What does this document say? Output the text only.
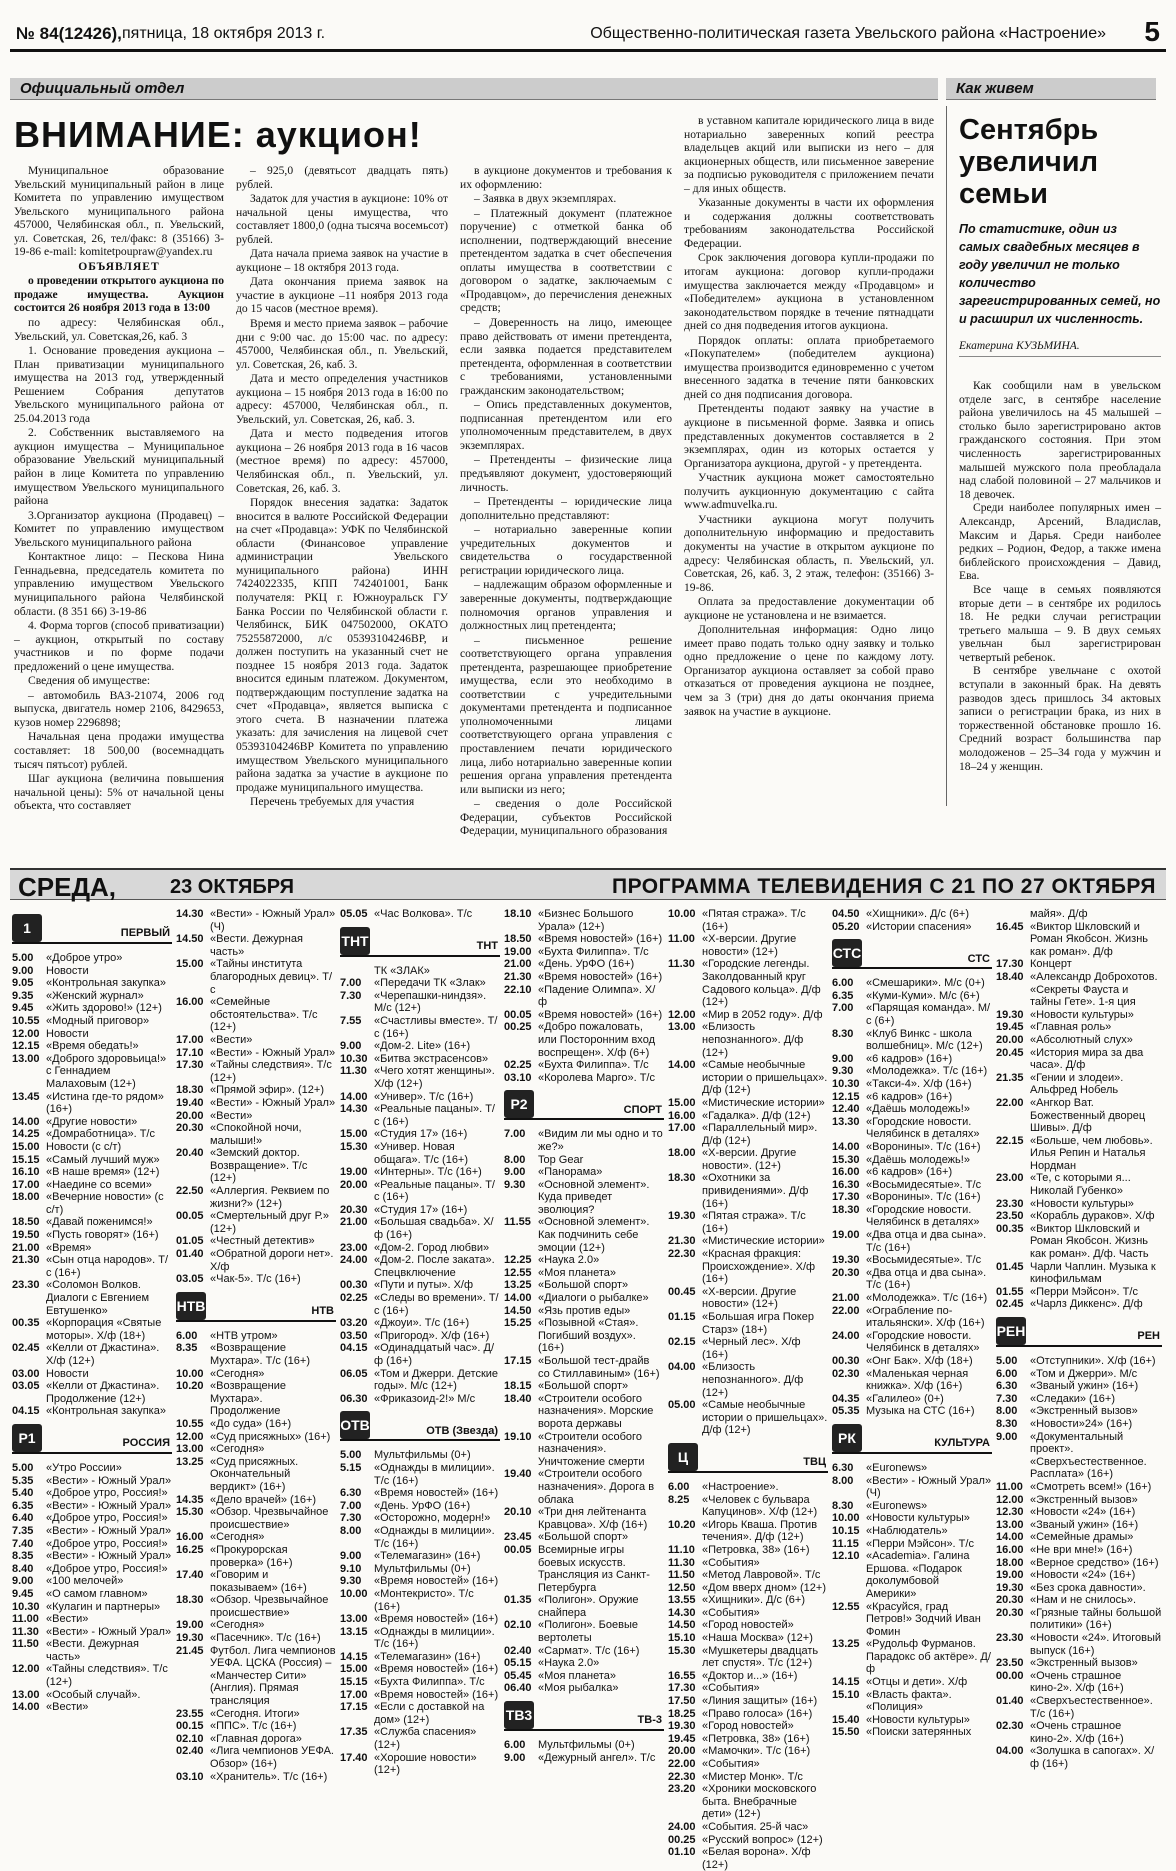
№ 84(12426), пятница, 18 октября 2013 г.	Общественно-политическая газета Увельского района «Настроение» 5
Официальный отдел	Как живем
ВНИМАНИЕ: аукцион!

Муниципальное образование Увельский муниципальный район в лице Комитета по управлению имуществом Увельского муниципального района 457000, Челябинская обл., п. Увельский, ул. Советская, 26, тел/факс: 8 (35166) 3-19-86 e-mail: komitetpoupraw@yandex.ru

ОБЪЯВЛЯЕТ

о проведении открытого аукциона по продаже имущества. Аукцион состоится 26 ноября 2013 года в 13:00

по адресу: Челябинская обл., Увельский, ул. Советская,26, каб. 3

1. Основание проведения аукциона – План приватизации муниципального имущества на 2013 год, утвержденный Решением Собрания депутатов Увельского муниципального района от 25.04.2013 года

2. Собственник выставляемого на аукцион имущества – Муниципальное образование Увельский муниципальный район в лице Комитета по управлению имуществом Увельского муниципального района

3.Организатор аукциона (Продавец) – Комитет по управлению имуществом Увельского муниципального района

Контактное лицо: – Пескова Нина Геннадьевна, председатель комитета по управлению имуществом Увельского муниципального района Челябинской области. (8 351 66) 3-19-86

4. Форма торгов (способ приватизации) – аукцион, открытый по составу участников и по форме подачи предложений о цене имущества.

Сведения об имуществе:

– автомобиль ВАЗ-21074, 2006 год выпуска, двигатель номер 2106, 8429653, кузов номер 2296898;

Начальная цена продажи имущества составляет: 18 500,00 (восемнадцать тысяч пятьсот) рублей.

Шаг аукциона (величина повышения начальной цены): 5% от начальной цены объекта, что составляет

– 925,0 (девятьсот двадцать пять) рублей.

Задаток для участия в аукционе: 10% от начальной цены имущества, что составляет 1800,0 (одна тысяча восемьсот) рублей.

Дата начала приема заявок на участие в аукционе – 18 октября 2013 года.

Дата окончания приема заявок на участие в аукционе –11 ноября 2013 года до 15 часов (местное время).

Время и место приема заявок – рабочие дни с 9:00 час. до 15:00 час. по адресу: 457000, Челябинская обл., п. Увельский, ул. Советская, 26, каб. 3.

Дата и место определения участников аукциона – 15 ноября 2013 года в 16:00 по адресу: 457000, Челябинская обл., п. Увельский, ул. Советская, 26, каб. 3.

Дата и место подведения итогов аукциона – 26 ноября 2013 года в 16 часов (местное время) по адресу: 457000, Челябинская обл., п. Увельский, ул. Советская, 26, каб. 3.

Порядок внесения задатка: Задаток вносится в валюте Российской Федерации на счет «Продавца»: УФК по Челябинской области (Финансовое управление администрации Увельского муниципального района) ИНН 7424022335, КПП 742401001, Банк получателя: РКЦ г. Южноуральск ГУ Банка России по Челябинской области г. Челябинск, БИК 047502000, ОКАТО 75255872000, л/с 05393104246ВР, и должен поступить на указанный счет не позднее 15 ноября 2013 года. Задаток вносится единым платежом. Документом, подтверждающим поступление задатка на счет «Продавца», является выписка с этого счета. В назначении платежа указать: для зачисления на лицевой счет 05393104246ВР Комитета по управлению имуществом Увельского муниципального района задатка за участие в аукционе по продаже муниципального имущества.

Перечень требуемых для участия

в аукционе документов и требования к их оформлению:

– Заявка в двух экземплярах.

– Платежный документ (платежное поручение) с отметкой банка об исполнении, подтверждающий внесение претендентом задатка в счет обеспечения оплаты имущества в соответствии с договором о задатке, заключаемым с «Продавцом», до перечисления денежных средств;

– Доверенность на лицо, имеющее право действовать от имени претендента, если заявка подается представителем претендента, оформленная в соответствии с требованиями, установленными гражданским законодательством;

– Опись представленных документов, подписанная претендентом или его уполномоченным представителем, в двух экземплярах.

– Претенденты – физические лица предъявляют документ, удостоверяющий личность.

– Претенденты – юридические лица дополнительно представляют:

– нотариально заверенные копии учредительных документов и свидетельства о государственной регистрации юридического лица.

– надлежащим образом оформленные и заверенные документы, подтверждающие полномочия органов управления и должностных лиц претендента;

– письменное решение соответствующего органа управления претендента, разрешающее приобретение имущества, если это необходимо в соответствии с учредительными документами претендента и подписанное уполномоченными лицами соответствующего органа управления с проставлением печати юридического лица, либо нотариально заверенные копии решения органа управления претендента или выписки из него;

– сведения о доле Российской Федерации, субъектов Российской Федерации, муниципального образования

в уставном капитале юридического лица в виде нотариально заверенных копий реестра владельцев акций или выписки из него – для акционерных обществ, или письменное заверение за подписью руководителя с приложением печати – для иных обществ.

Указанные документы в части их оформления и содержания должны соответствовать требованиям законодательства Российской Федерации.

Срок заключения договора купли-продажи по итогам аукциона: договор купли-продажи имущества заключается между «Продавцом» и «Победителем» аукциона в установленном законодательством порядке в течение пятнадцати дней со дня подведения итогов аукциона.

Порядок оплаты: оплата приобретаемого «Покупателем» (победителем аукциона) имущества производится единовременно с учетом внесенного задатка в течение пяти банковских дней со дня подписания договора.

Претенденты подают заявку на участие в аукционе в письменной форме. Заявка и опись представленных документов составляется в 2 экземплярах, один из которых остается у Организатора аукциона, другой - у претендента.

Участник аукциона может самостоятельно получить аукционную документацию с сайта www.admuvelka.ru.

Участники аукциона могут получить дополнительную информацию и предоставить документы на участие в открытом аукционе по адресу: Челябинская область, п. Увельский, ул. Советская, 26, каб. 3, 2 этаж, телефон: (35166) 3-19-86.

Оплата за предоставление документации об аукционе не установлена и не взимается.

Дополнительная информация: Одно лицо имеет право подать только одну заявку и только одно предложение о цене по каждому лоту. Организатор аукциона оставляет за собой право отказаться от проведения аукциона не позднее, чем за 3 (три) дня до даты окончания приема заявок на участие в аукционе.

Сентябрь увеличил семьи
По статистике, один из самых свадебных месяцев в году увеличил не только количество зарегистрированных семей, но и расширил их численность.
Екатерина КУЗЬМИНА.

Как сообщили нам в увельском отделе загс, в сентябре население района увеличилось на 45 малышей – столько было зарегистрировано актов гражданского состояния. При этом численность зарегистрированных малышей мужского пола преобладала над слабой половиной – 27 мальчиков и 18 девочек.

Среди наиболее популярных имен – Александр, Арсений, Владислав, Максим и Дарья. Среди наиболее редких – Родион, Федор, а также имена библейского происхождения – Давид, Ева.

Все чаще в семьях появляются вторые дети – в сентябре их родилось 18. Не редки случаи регистрации третьего малыша – 9. В двух семьях увельчан был зарегистрирован четвертый ребенок.

В сентябре увельчане с охотой вступали в законный брак. На девять разводов здесь пришлось 34 актовых записи о регистрации брака, из них в торжественной обстановке прошло 16. Средний возраст большинства пар молодоженов – 25–34 года у мужчин и 18–24 у женщин.

СРЕДА,	23 ОКТЯБРЯ	ПРОГРАММА ТЕЛЕВИДЕНИЯ С 21 ПО 27 ОКТЯБРЯ
1	ПЕРВЫЙ
5.00 «Доброе утро»
9.00 Новости
9.05 «Контрольная закупка»
9.35 «Женский журнал»
9.45 «Жить здорово!» (12+)
10.55 «Модный приговор»
12.00 Новости
12.15 «Время обедать!»
13.00 «Доброго здоровьица!» с Геннадием Малаховым (12+)
13.45 «Истина где-то рядом» (16+)
14.00 «Другие новости»
14.25 «Домработница». Т/с
15.00 Новости (с с/т)
15.15 «Самый лучший муж»
16.10 «В наше время» (12+)
17.00 «Наедине со всеми»
18.00 «Вечерние новости» (с с/т)
18.50 «Давай поженимся!»
19.50 «Пусть говорят» (16+)
21.00 «Время»
21.30 «Сын отца народов». Т/с (16+)
23.30 «Соломон Волков. Диалоги с Евгением Евтушенко»
00.35 «Корпорация «Святые моторы». Х/ф (18+)
02.45 «Келли от Джастина». Х/ф (12+)
03.00 Новости
03.05 «Келли от Джастина». Продолжение (12+)
04.15 «Контрольная закупка»
Р1	РОССИЯ
5.00 «Утро России»
5.35 «Вести» - Южный Урал»
5.40 «Доброе утро, Россия!»
6.35 «Вести» - Южный Урал»
6.40 «Доброе утро, Россия!»
7.35 «Вести» - Южный Урал»
7.40 «Доброе утро, Россия!»
8.35 «Вести» - Южный Урал»
8.40 «Доброе утро, Россия!»
9.00 «100 мелочей»
9.45 «О самом главном»
10.30 «Кулагин и партнеры»
11.00 «Вести»
11.30 «Вести» - Южный Урал»
11.50 «Вести. Дежурная часть»
12.00 «Тайны следствия». Т/с (12+)
13.00 «Особый случай».
14.00 «Вести»
14.30 «Вести» - Южный Урал» (Ч)
14.50 «Вести. Дежурная часть»
15.00 «Тайны института благородных девиц». Т/с
16.00 «Семейные обстоятельства». Т/с (12+)
17.00 «Вести»
17.10 «Вести» - Южный Урал»
17.30 «Тайны следствия». Т/с (12+)
18.30 «Прямой эфир». (12+)
19.40 «Вести» - Южный Урал»
20.00 «Вести»
20.30 «Спокойной ночи, малыши!»
20.40 «Земский доктор. Возвращение». Т/с (12+)
22.50 «Аллергия. Реквием по жизни?» (12+)
00.05 «Смертельный друг Р.» (12+)
01.05 «Честный детектив»
01.40 «Обратной дороги нет». Х/ф
03.05 «Чак-5». Т/с (16+)
НТВ	НТВ
6.00 «НТВ утром»
8.35 «Возвращение Мухтара». Т/с (16+)
10.00 «Сегодня»
10.20 «Возвращение Мухтара». Продолжение
10.55 «До суда» (16+)
12.00 «Суд присяжных» (16+)
13.00 «Сегодня»
13.25 «Суд присяжных. Окончательный вердикт» (16+)
14.35 «Дело врачей» (16+)
15.30 «Обзор. Чрезвычайное происшествие»
16.00 «Сегодня»
16.25 «Прокурорская проверка» (16+)
17.40 «Говорим и показываем» (16+)
18.30 «Обзор. Чрезвычайное происшествие»
19.00 «Сегодня»
19.30 «Пасечник». Т/с (16+)
21.45 Футбол. Лига чемпионов УЕФА. ЦСКА (Россия) – «Манчестер Сити» (Англия). Прямая трансляция
23.55 «Сегодня. Итоги»
00.15 «ППС». Т/с (16+)
02.10 «Главная дорога»
02.40 «Лига чемпионов УЕФА. Обзор» (16+)
03.10 «Хранитель». Т/с (16+)
05.05 «Час Волкова». Т/с
ТНТ	ТНТ
ТК «ЗЛАК»
7.00 «Передачи ТК «Злак»
7.30 «Черепашки-ниндзя». М/с (12+)
7.55 «Счастливы вместе». Т/с (16+)
9.00 «Дом-2. Lite» (16+)
10.30 «Битва экстрасенсов»
11.30 «Чего хотят женщины». Х/ф (12+)
14.00 «Универ». Т/с (16+)
14.30 «Реальные пацаны». Т/с (16+)
15.00 «Студия 17» (16+)
15.30 «Универ. Новая общага». Т/с (16+)
19.00 «Интерны». Т/с (16+)
20.00 «Реальные пацаны». Т/с (16+)
20.30 «Студия 17» (16+)
21.00 «Большая свадьба». Х/ф (16+)
23.00 «Дом-2. Город любви»
24.00 «Дом-2. После заката». Спецвключение
00.30 «Пути и путы». Х/ф
02.25 «Следы во времени». Т/с (16+)
03.20 «Джоуи». Т/с (16+)
03.50 «Пригород». Х/ф (16+)
04.15 «Одинадцатый час». Д/ф (16+)
06.05 «Том и Джерри. Детские годы». М/с (12+)
06.30 «Фриказоид-2!» М/с
ОТВ	ОТВ (Звезда)
5.00 Мультфильмы (0+)
5.15 «Однажды в милиции». Т/с (16+)
6.30 «Время новостей» (16+)
7.00 «День. УрФО (16+)
7.30 «Осторожно, модерн!»
8.00 «Однажды в милиции». Т/с (16+)
9.00 «Телемагазин» (16+)
9.10 Мультфильмы (0+)
9.30 «Время новостей» (16+)
10.00 «Монтекристо». Т/с (16+)
13.00 «Время новостей» (16+)
13.15 «Однажды в милиции». Т/с (16+)
14.15 «Телемагазин» (16+)
15.00 «Время новостей» (16+)
15.15 «Бухта Филиппа». Т/с
17.00 «Время новостей» (16+)
17.15 «Если с доставкой на дом» (12+)
17.35 «Служба спасения» (12+)
17.40 «Хорошие новости» (12+)
18.10 «Бизнес Большого Урала» (12+)
18.50 «Время новостей» (16+)
19.00 «Бухта Филиппа». Т/с
21.00 «День. УрФО (16+)
21.30 «Время новостей» (16+)
22.10 «Падение Олимпа». Х/ф
00.05 «Время новостей» (16+)
00.25 «Добро пожаловать, или Посторонним вход воспрещен». Х/ф (6+)
02.25 «Бухта Филиппа». Т/с
03.10 «Королева Марго». Т/с
Р2	СПОРТ
7.00 «Видим ли мы одно и то же?»
8.00 Top Gear
9.00 «Панорама»
9.30 «Основной элемент». Куда приведет эволюция?
11.55 «Основной элемент». Как подчинить себе эмоции (12+)
12.25 «Наука 2.0»
12.55 «Моя планета»
13.25 «Большой спорт»
14.00 «Диалоги о рыбалке»
14.50 «Язь против еды»
15.25 «Позывной «Стая». Погибший воздух». (16+)
17.15 «Большой тест-драйв со Стиллавиным» (16+)
18.15 «Большой спорт»
18.40 «Строители особого назначения». Морские ворота державы
19.10 «Строители особого назначения». Уничтожение смерти
19.40 «Строители особого назначения». Дорога в облака
20.10 «Три дня лейтенанта Кравцова». Х/ф (16+)
23.45 «Большой спорт»
00.05 Всемирные игры боевых искусств. Трансляция из Санкт-Петербурга
01.35 «Полигон». Оружие снайпера
02.10 «Полигон». Боевые вертолеты
02.40 «Сармат». Т/с (16+)
05.15 «Наука 2.0»
05.45 «Моя планета»
06.40 «Моя рыбалка»
ТВ3	ТВ-3
6.00 Мультфильмы (0+)
9.00 «Дежурный ангел». Т/с
10.00 «Пятая стража». Т/с (16+)
11.00 «Х-версии. Другие новости» (12+)
11.30 «Городские легенды. Заколдованный круг Садового кольца». Д/ф (12+)
12.00 «Мир в 2052 году». Д/ф
13.00 «Близость непознанного». Д/ф (12+)
14.00 «Самые необычные истории о пришельцах». Д/ф (12+)
15.00 «Мистические истории»
16.00 «Гадалка». Д/ф (12+)
17.00 «Параллельный мир». Д/ф (12+)
18.00 «Х-версии. Другие новости». (12+)
18.30 «Охотники за привидениями». Д/ф (16+)
19.30 «Пятая стража». Т/с (16+)
21.30 «Мистические истории»
22.30 «Красная фракция: Происхождение». Х/ф (16+)
00.45 «Х-версии. Другие новости» (12+)
01.15 «Большая игра Покер Старз» (18+)
02.15 «Черный лес». Х/ф (16+)
04.00 «Близость непознанного». Д/ф (12+)
05.00 «Самые необычные истории о пришельцах». Д/ф (12+)
Ц	ТВЦ
6.00 «Настроение».
8.25 «Человек с бульвара Капуцинов». Х/ф (12+)
10.20 «Игорь Кваша. Против течения». Д/ф (12+)
11.10 «Петровка, 38» (16+)
11.30 «События»
11.50 «Метод Лавровой». Т/с
12.50 «Дом вверх дном» (12+)
13.55 «Хищники». Д/с (6+)
14.30 «События»
14.50 «Город новостей»
15.10 «Наша Москва» (12+)
15.30 «Мушкетеры двадцать лет спустя». Т/с (12+)
16.55 «Доктор и...» (16+)
17.30 «События»
17.50 «Линия защиты» (16+)
18.25 «Право голоса» (16+)
19.30 «Город новостей»
19.45 «Петровка, 38» (16+)
20.00 «Мамочки». Т/с (16+)
22.00 «События»
22.30 «Мистер Монк». Т/с
23.20 «Хроники московского быта. Внебрачные дети» (12+)
24.00 «События. 25-й час»
00.25 «Русский вопрос» (12+)
01.10 «Белая ворона». Х/ф (12+)
04.50 «Хищники». Д/с (6+)
05.20 «Истории спасения»
СТС	СТС
6.00 «Смешарики». М/с (0+)
6.35 «Куми-Куми». М/с (6+)
7.00 «Парящая команда». М/с (6+)
8.30 «Клуб Винкс - школа волшебниц». М/с (12+)
9.00 «6 кадров» (16+)
9.30 «Молодежка». Т/с (16+)
10.30 «Такси-4». Х/ф (16+)
12.15 «6 кадров» (16+)
12.40 «Даёшь молодежь!»
13.30 «Городские новости. Челябинск в деталях»
14.00 «Воронины». Т/с (16+)
15.30 «Даёшь молодежь!»
16.00 «6 кадров» (16+)
16.30 «Восьмидесятые». Т/с
17.30 «Воронины». Т/с (16+)
18.30 «Городские новости. Челябинск в деталях»
19.00 «Два отца и два сына». Т/с (16+)
19.30 «Восьмидесятые». Т/с
20.30 «Два отца и два сына». Т/с (16+)
21.00 «Молодежка». Т/с (16+)
22.00 «Ограбление по-итальянски». Х/ф (16+)
24.00 «Городские новости. Челябинск в деталях»
00.30 «Онг Бак». Х/ф (18+)
02.30 «Маленькая черная книжка». Х/ф (16+)
04.35 «Галилео» (0+)
05.35 Музыка на СТС (16+)
РК	КУЛЬТУРА
6.30 «Euronews»
8.00 «Вести» - Южный Урал» (Ч)
8.30 «Euronews»
10.00 «Новости культуры»
10.15 «Наблюдатель»
11.15 «Перри Мэйсон». Т/с
12.10 «Academia». Галина Ершова. «Подарок доколумбовой Америки»
12.55 «Красуйся, град Петров!» Зодчий Иван Фомин
13.25 «Рудольф Фурманов. Парадокс об актёре». Д/ф
14.15 «Отцы и дети». Х/ф
15.10 «Власть факта». «Полиция»
15.40 «Новости культуры»
15.50 «Поиски затерянных
майя». Д/ф
16.45 «Виктор Шкловский и Роман Якобсон. Жизнь как роман». Д/ф
17.30 Концерт
18.40 «Александр Доброхотов. «Секреты Фауста и тайны Гете». 1-я ция
19.30 «Новости культуры»
19.45 «Главная роль»
20.00 «Абсолютный слух»
20.45 «История мира за два часа». Д/ф
21.35 «Гении и злодеи». Альфред Нобель
22.00 «Ангкор Ват. Божественный дворец Шивы». Д/ф
22.15 «Больше, чем любовь». Илья Репин и Наталья Нордман
23.00 «Те, с которыми я... Николай Губенко»
23.30 «Новости культуры»
23.50 «Корабль дураков». Х/ф
00.35 «Виктор Шкловский и Роман Якобсон. Жизнь как роман». Д/ф. Часть
01.45 Чарли Чаплин. Музыка к кинофильмам
01.55 «Перри Мэйсон». Т/с
02.45 «Чарлз Диккенс». Д/ф
РЕН	РЕН
5.00 «Отступники». Х/ф (16+)
6.00 «Том и Джерри». М/с
6.30 «Званый ужин» (16+)
7.30 «Следаки» (16+)
8.00 «Экстренный вызов»
8.30 «Новости»24» (16+)
9.00 «Документальный проект». «Сверхъестественное. Расплата» (16+)
11.00 «Смотреть всем!» (16+)
12.00 «Экстренный вызов»
12.30 «Новости «24» (16+)
13.00 «Званый ужин» (16+)
14.00 «Семейные драмы»
16.00 «Не ври мне!» (16+)
18.00 «Верное средство» (16+)
19.00 «Новости «24» (16+)
19.30 «Без срока давности».
20.30 «Нам и не снилось».
20.30 «Грязные тайны большой политики» (16+)
23.30 «Новости «24». Итоговый выпуск (16+)
23.50 «Экстренный вызов»
00.00 «Очень страшное кино-2». Х/ф (16+)
01.40 «Сверхъестественное». Т/с (16+)
02.30 «Очень страшное кино-2». Х/ф (16+)
04.00 «Золушка в сапогах». Х/ф (16+)
